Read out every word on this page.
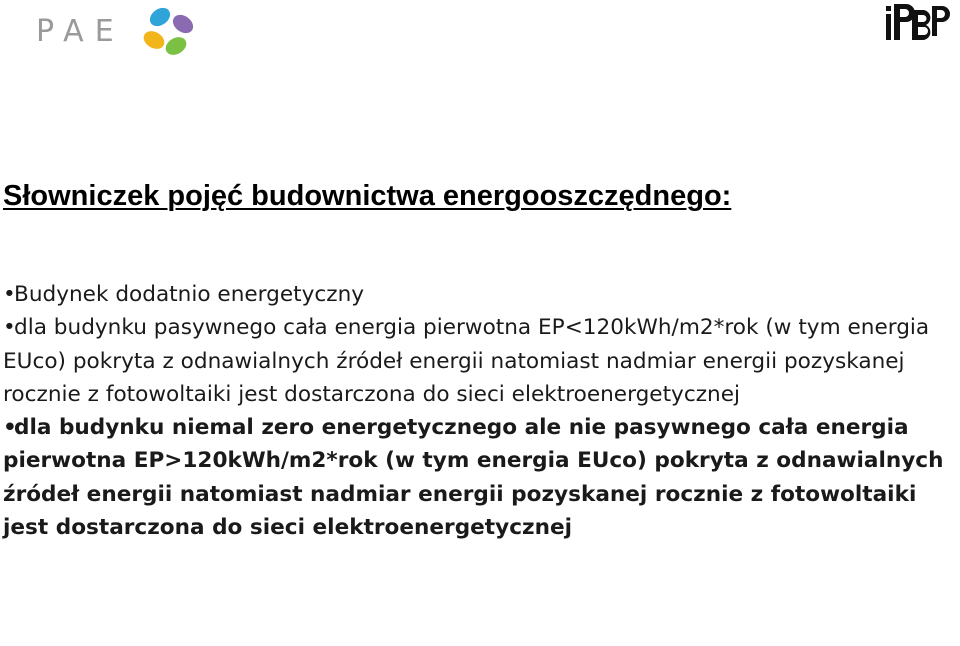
PAE
Słowniczek pojęć budownictwa energooszczędnego:

•Budynek dodatnio energetyczny

•dla budynku pasywnego cała energia pierwotna EP<120kWh/m2*rok (w tym energia EUco) pokryta z odnawialnych źródeł energii natomiast nadmiar energii pozyskanej rocznie z fotowoltaiki jest dostarczona do sieci elektroenergetycznej

•dla budynku niemal zero energetycznego ale nie pasywnego cała energia pierwotna EP>120kWh/m2*rok (w tym energia EUco) pokryta z odnawialnych źródeł energii natomiast nadmiar energii pozyskanej rocznie z fotowoltaiki jest dostarczona do sieci elektroenergetycznej
